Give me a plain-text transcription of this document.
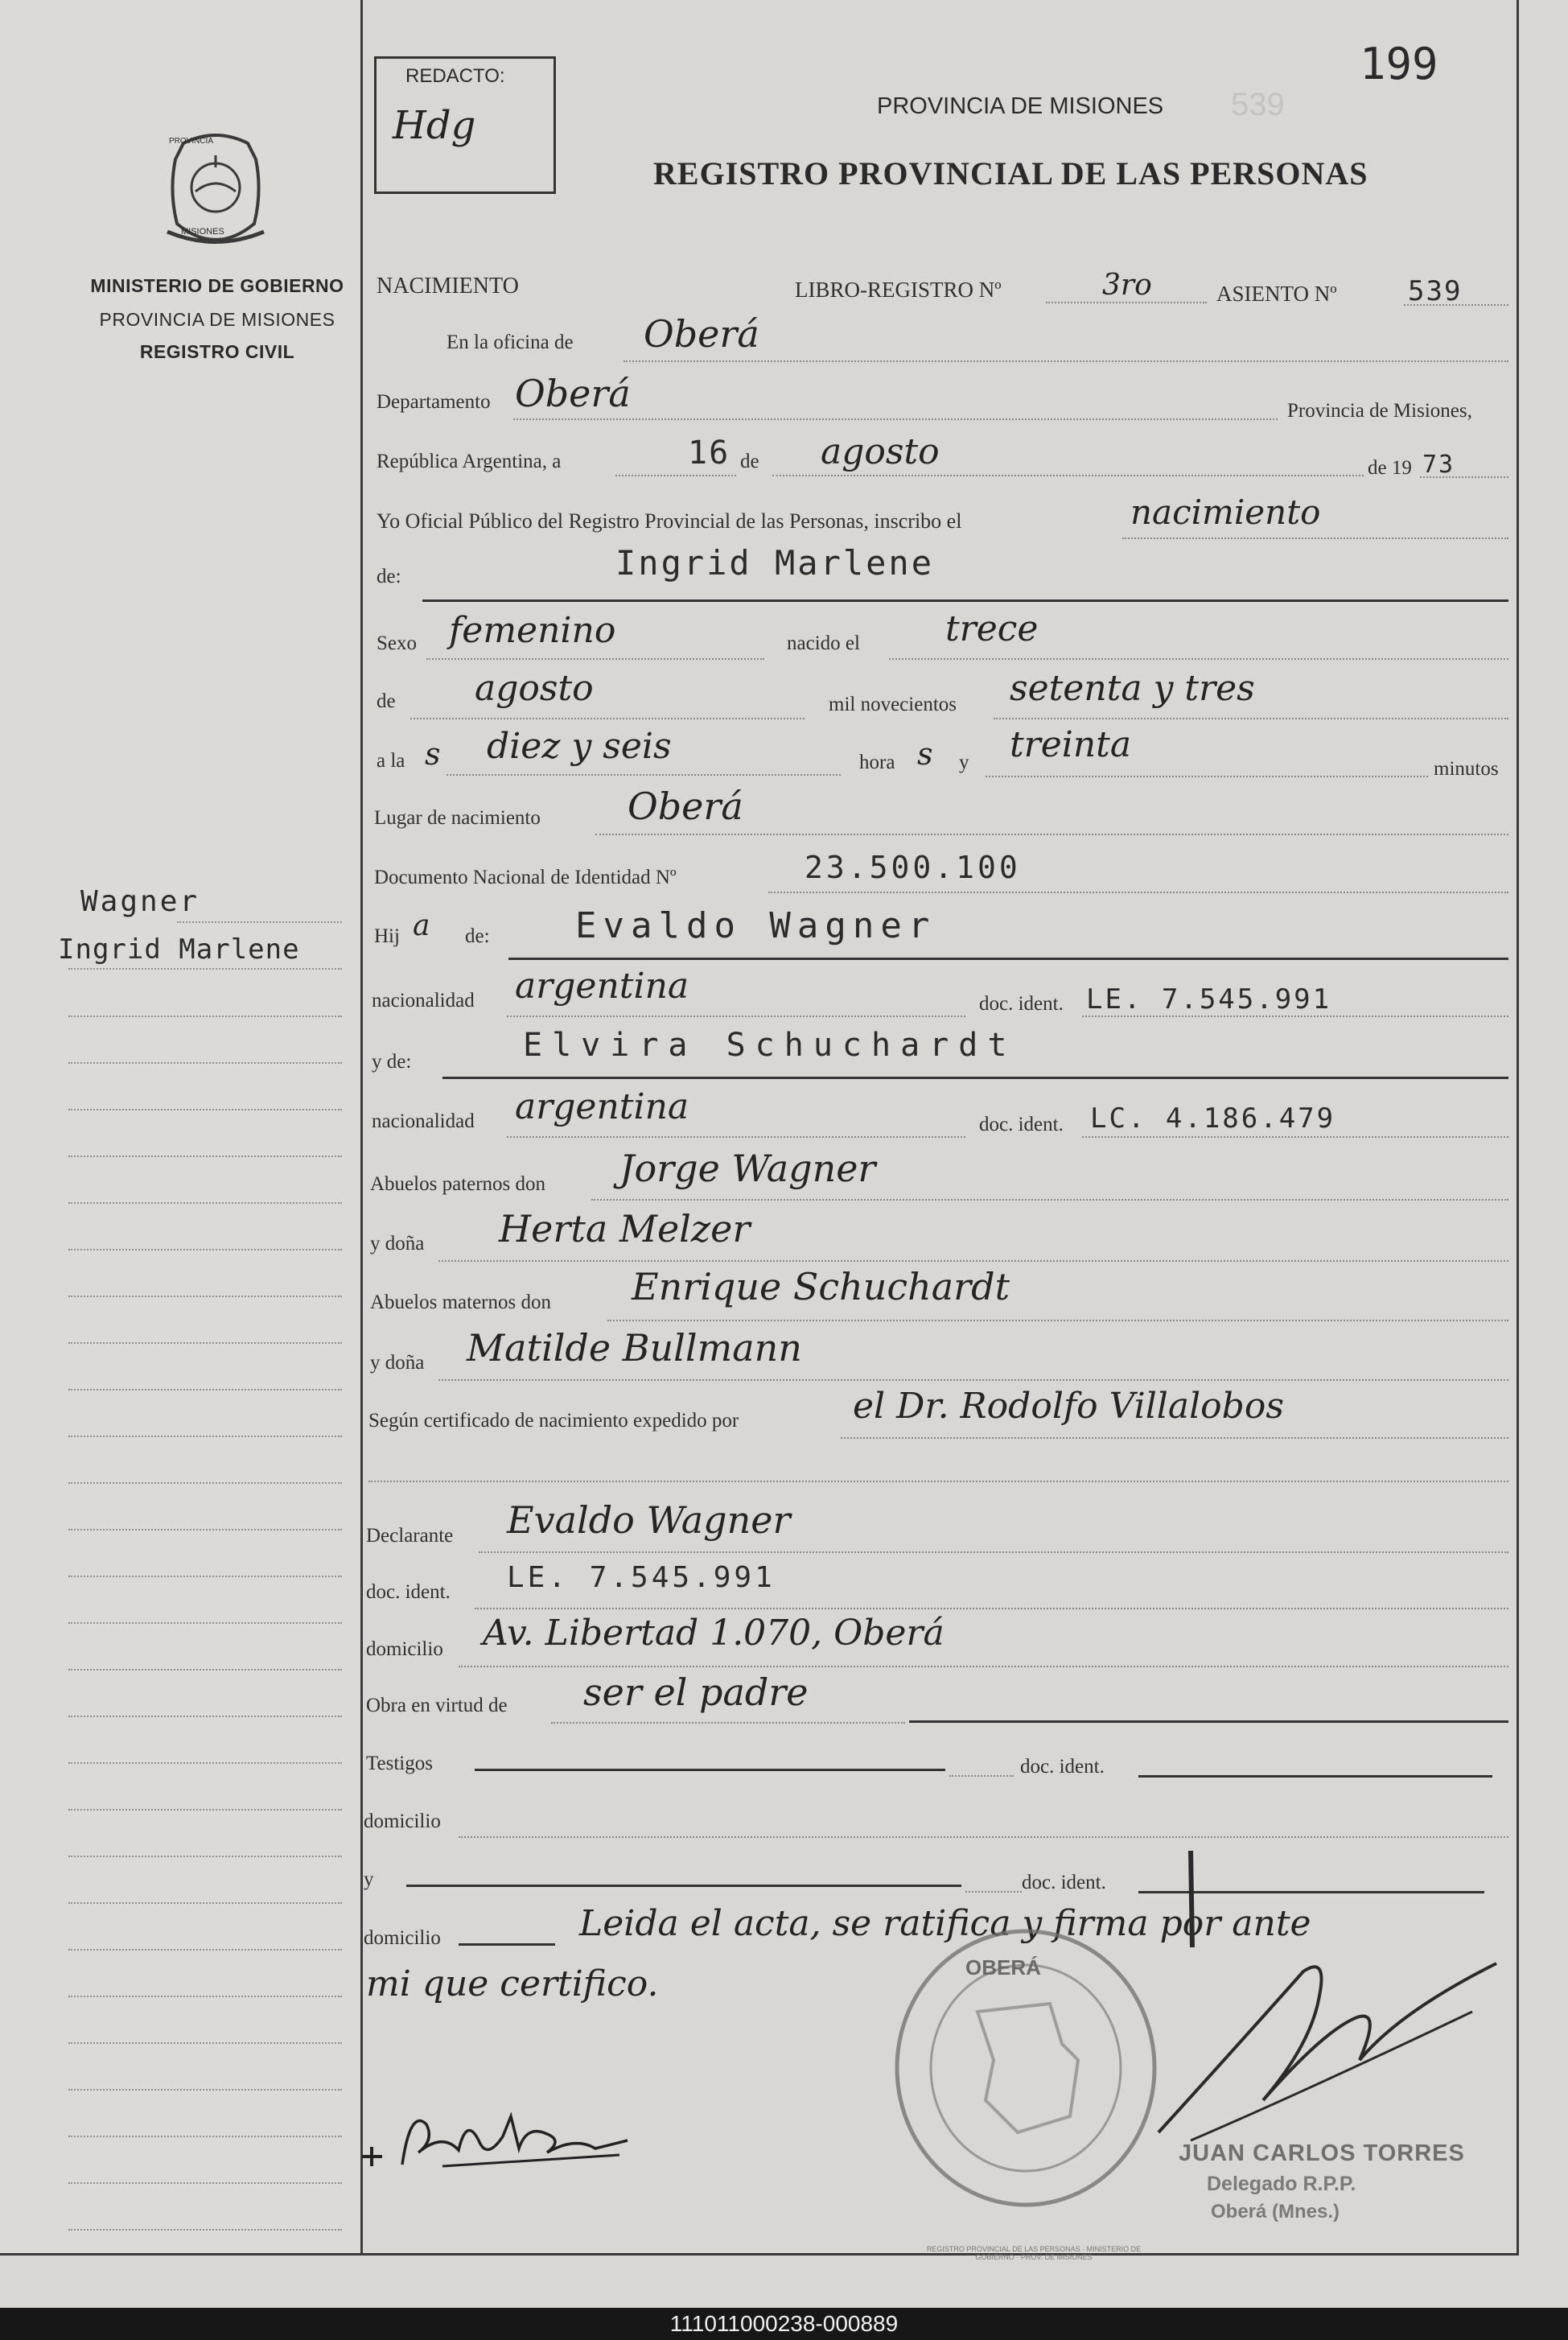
PROVINCIA
MISIONES
MINISTERIO DE GOBIERNO
PROVINCIA DE MISIONES
REGISTRO CIVIL
Wagner
Ingrid Marlene
REDACTO:
Hdg
199
PROVINCIA DE MISIONES 539
REGISTRO PROVINCIAL DE LAS PERSONAS
NACIMIENTO	LIBRO-REGISTRO Nº	3ro	ASIENTO Nº	539
En la oficina de Oberá
Departamento Oberá	Provincia de Misiones,
República Argentina, a	16 de agosto	de 19 73
Yo Oficial Público del Registro Provincial de las Personas, inscribo el	nacimiento
de:	Ingrid Marlene
Sexo femenino	nacido el trece
de agosto	mil novecientos setenta y tres
a la s diez y seis	hora s y treinta
minutos
Lugar de nacimiento Oberá
Documento Nacional de Identidad Nº	23.500.100
Hij a de: Evaldo Wagner
nacionalidad argentina	doc. ident. LE. 7.545.991
y de:	Elvira Schuchardt
nacionalidad argentina	doc. ident. LC. 4.186.479
Abuelos paternos don Jorge Wagner
y doña Herta Melzer
Abuelos maternos don Enrique Schuchardt
y doña Matilde Bullmann
Según certificado de nacimiento expedido por	el Dr. Rodolfo Villalobos
Declarante Evaldo Wagner
doc. ident. LE. 7.545.991
domicilio Av. Libertad 1.070, Oberá
Obra en virtud de ser el padre
Testigos	doc. ident.
domicilio
y	doc. ident.
domicilio	Leida el acta, se ratifica y firma por ante
mi que certifico.	OBERÁ
REGISTRO PROVINCIAL DE LAS PERSONAS · MINISTERIO DE GOBIERNO · PROV. DE MISIONES
JUAN CARLOS TORRES
Delegado R.P.P.
Oberá (Mnes.)
111011000238-000889
